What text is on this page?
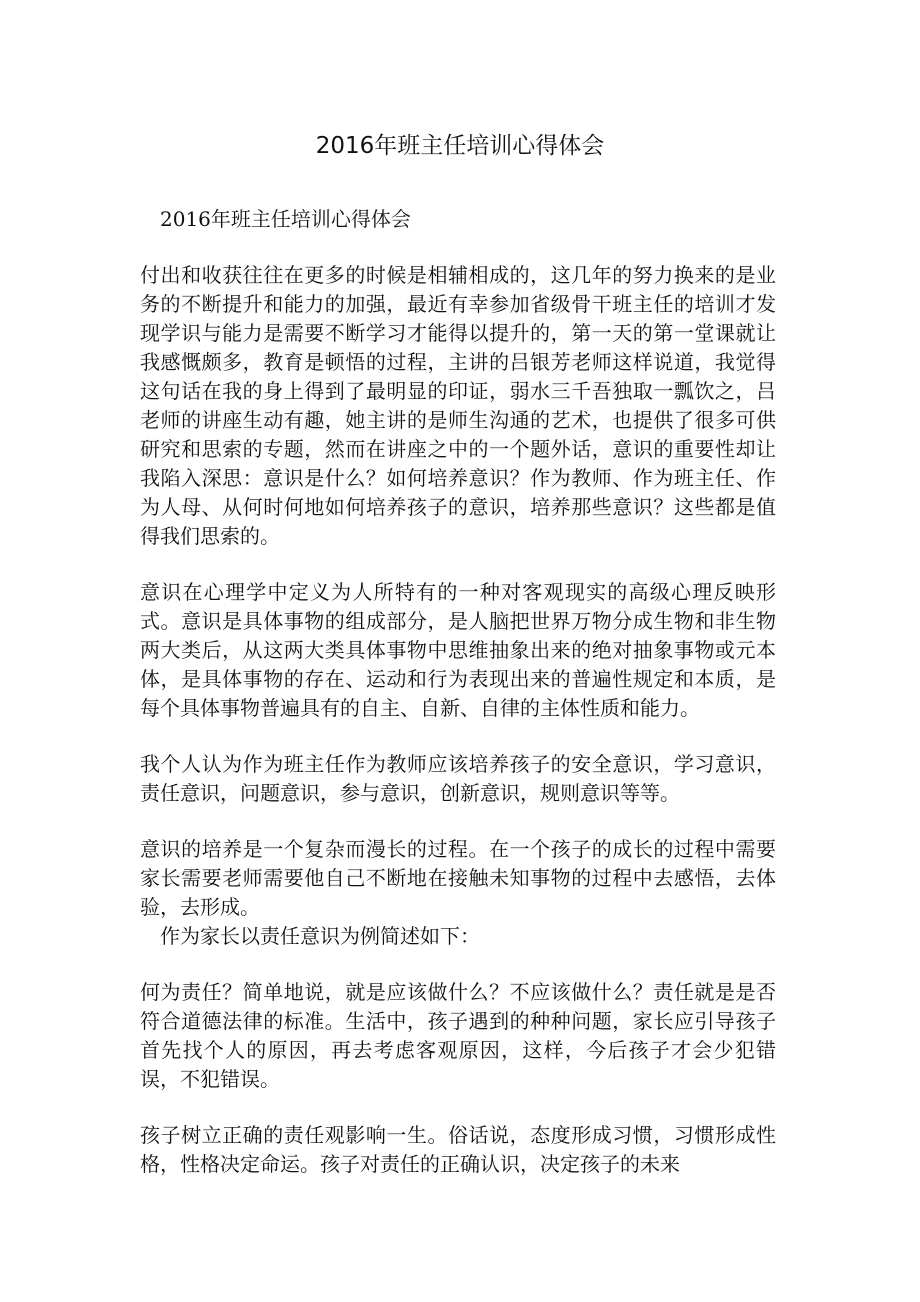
2016年班主任培训心得体会

2016年班主任培训心得体会

付出和收获往往在更多的时候是相辅相成的，这几年的努力换来的是业务的不断提升和能力的加强，最近有幸参加省级骨干班主任的培训才发现学识与能力是需要不断学习才能得以提升的，第一天的第一堂课就让我感慨颇多，教育是顿悟的过程，主讲的吕银芳老师这样说道，我觉得这句话在我的身上得到了最明显的印证，弱水三千吾独取一瓢饮之，吕老师的讲座生动有趣，她主讲的是师生沟通的艺术，也提供了很多可供研究和思索的专题，然而在讲座之中的一个题外话，意识的重要性却让我陷入深思：意识是什么？如何培养意识？作为教师、作为班主任、作为人母、从何时何地如何培养孩子的意识，培养那些意识？这些都是值得我们思索的。

意识在心理学中定义为人所特有的一种对客观现实的高级心理反映形式。意识是具体事物的组成部分，是人脑把世界万物分成生物和非生物两大类后，从这两大类具体事物中思维抽象出来的绝对抽象事物或元本体，是具体事物的存在、运动和行为表现出来的普遍性规定和本质，是每个具体事物普遍具有的自主、自新、自律的主体性质和能力。

我个人认为作为班主任作为教师应该培养孩子的安全意识，学习意识，责任意识，问题意识，参与意识，创新意识，规则意识等等。

意识的培养是一个复杂而漫长的过程。在一个孩子的成长的过程中需要家长需要老师需要他自己不断地在接触未知事物的过程中去感悟，去体验，去形成。

作为家长以责任意识为例简述如下：

何为责任？简单地说，就是应该做什么？不应该做什么？责任就是是否符合道德法律的标准。生活中，孩子遇到的种种问题，家长应引导孩子首先找个人的原因，再去考虑客观原因，这样，今后孩子才会少犯错误，不犯错误。

孩子树立正确的责任观影响一生。俗话说，态度形成习惯，习惯形成性格，性格决定命运。孩子对责任的正确认识，决定孩子的未来
